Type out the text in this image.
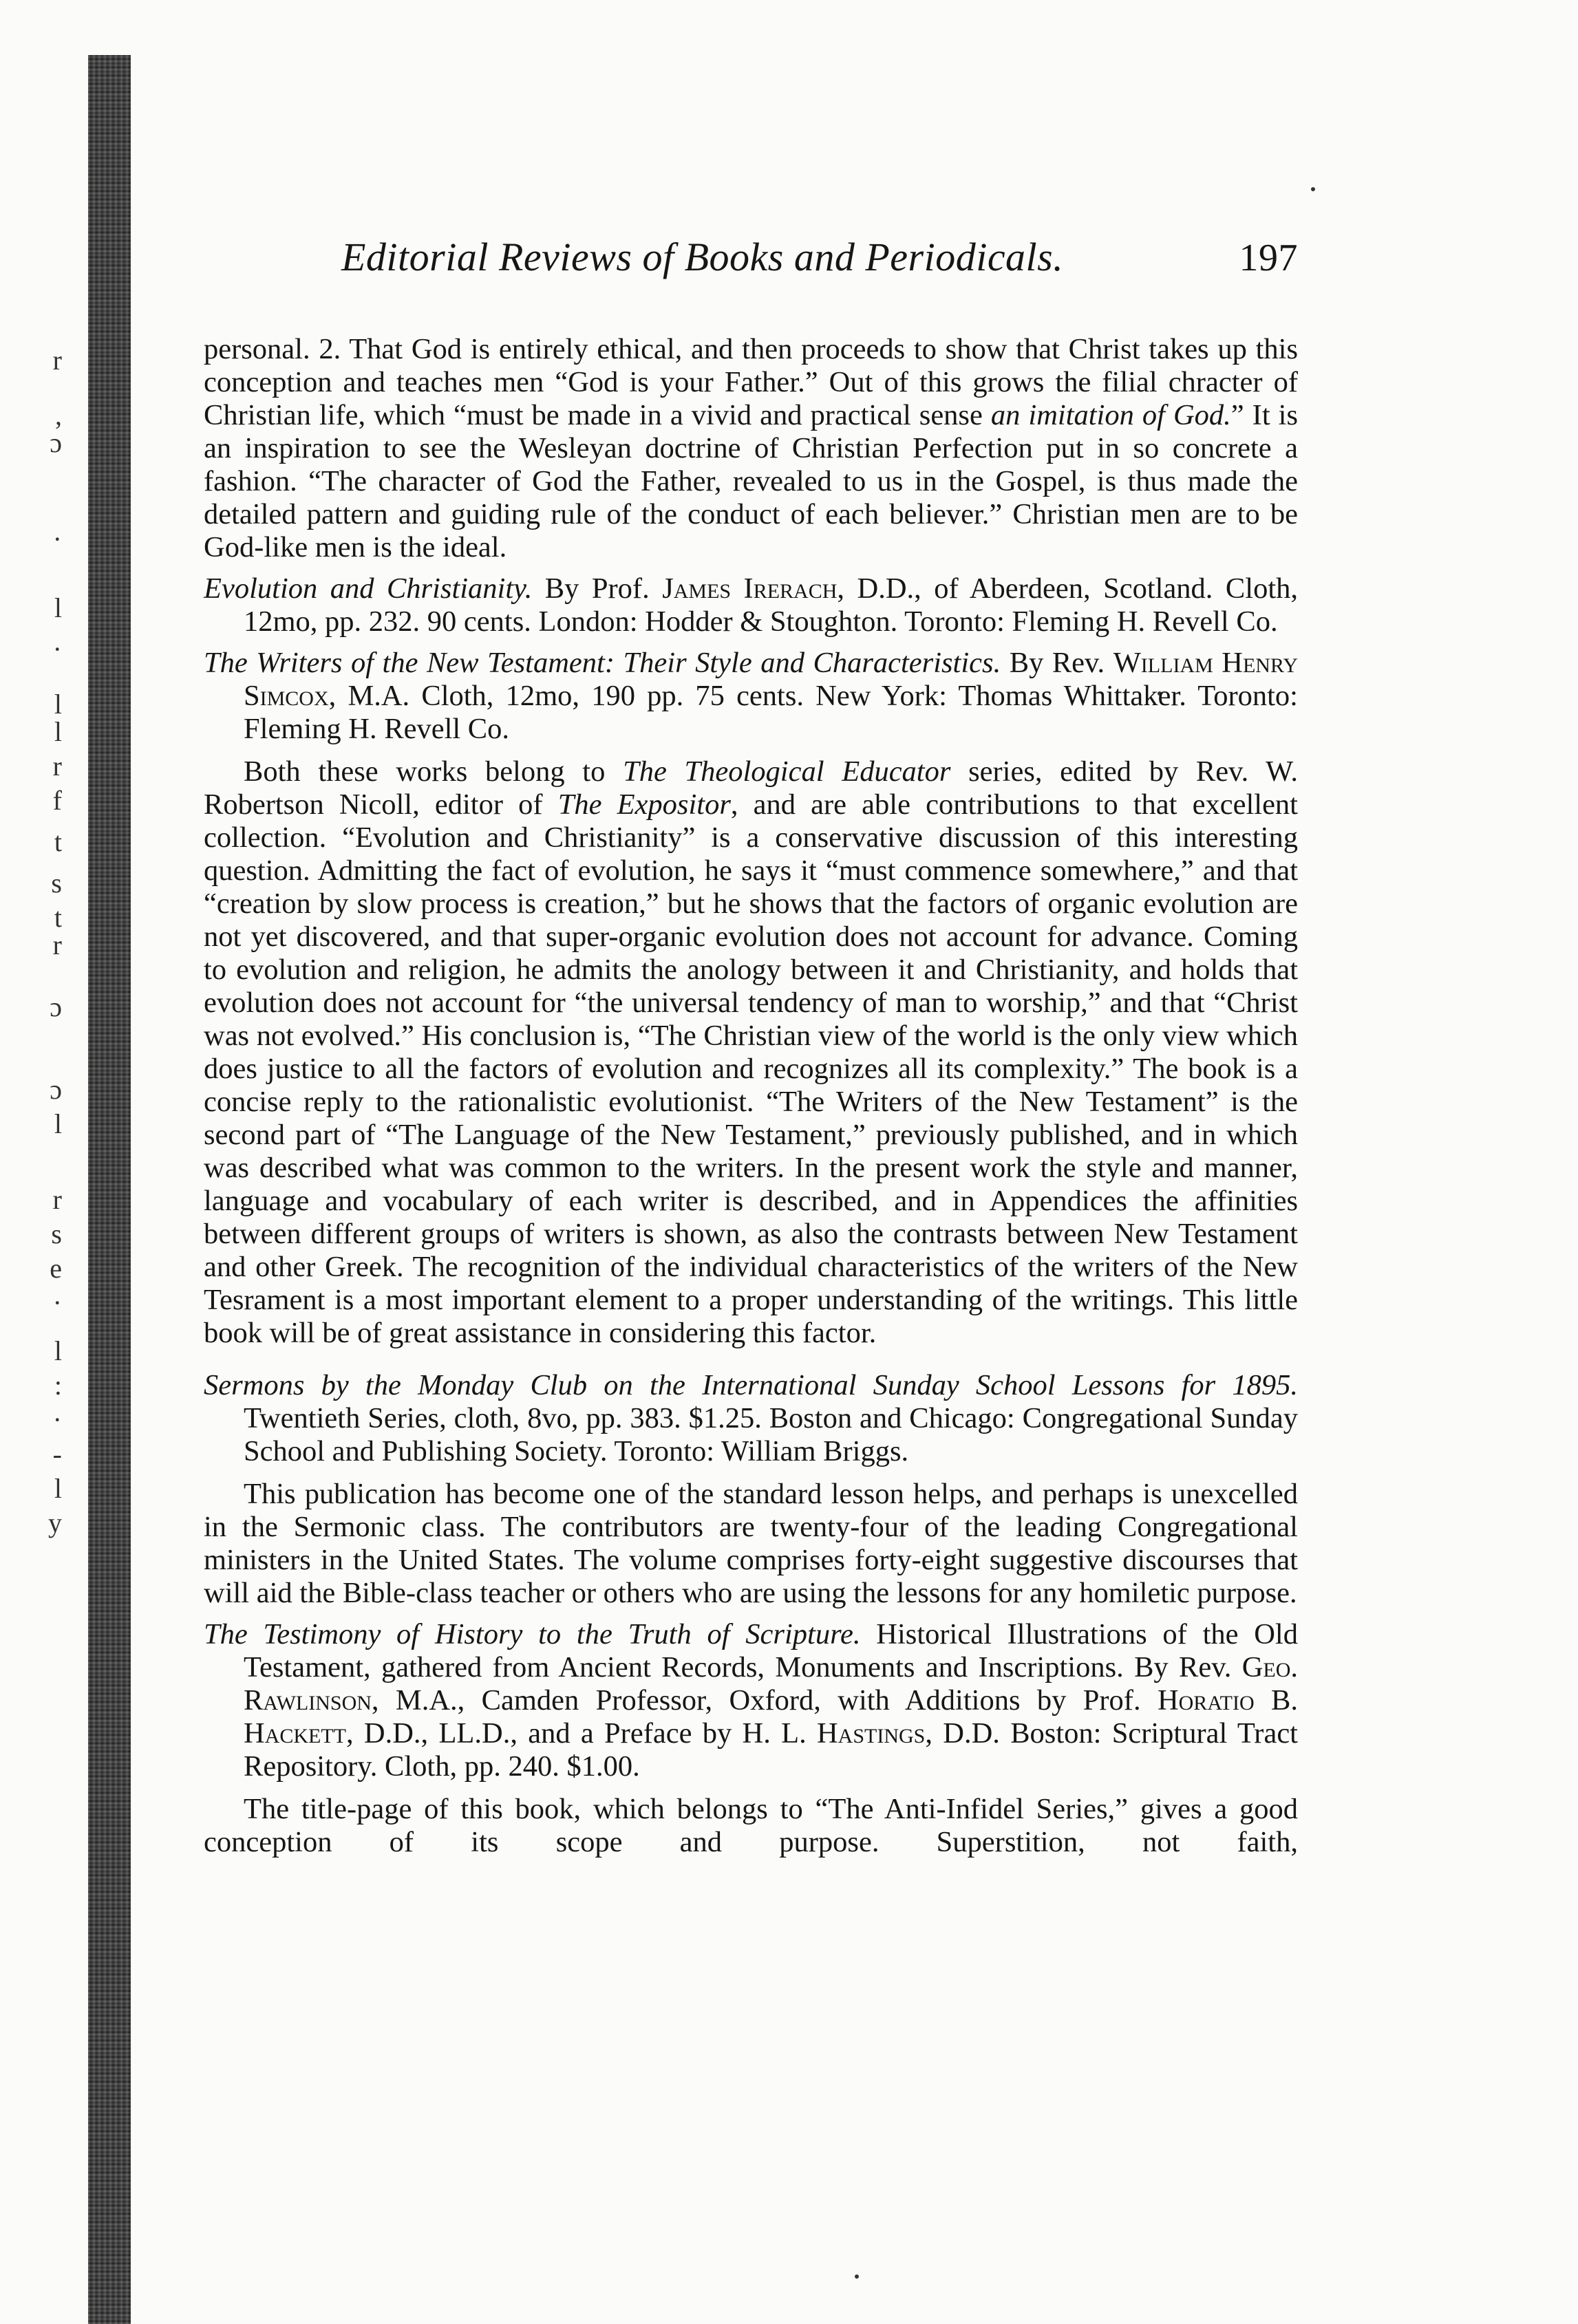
r
,
ɔ
·
l
·
l
l
r
f
t
s
t
r
ɔ
ɔ
l
r
s
e
·
l
:
·
-
l
y
Editorial Reviews of Books and Periodicals.	197

personal. 2. That God is entirely ethical, and then proceeds to show that Christ takes up this conception and teaches men “God is your Father.” Out of this grows the filial chracter of Christian life, which “must be made in a vivid and practical sense an imitation of God.” It is an inspiration to see the Wesleyan doctrine of Christian Perfection put in so concrete a fashion. “The character of God the Father, revealed to us in the Gospel, is thus made the detailed pattern and guiding rule of the conduct of each believer.” Christian men are to be God-like men is the ideal.

Evolution and Christianity. By Prof. James Irerach, D.D., of Aberdeen, Scotland. Cloth, 12mo, pp. 232. 90 cents. London: Hodder & Stoughton. Toronto: Fleming H. Revell Co.

The Writers of the New Testament: Their Style and Characteristics. By Rev. William Henry Simcox, M.A. Cloth, 12mo, 190 pp. 75 cents. New York: Thomas Whittaker. Toronto: Fleming H. Revell Co.

Both these works belong to The Theological Educator series, edited by Rev. W. Robertson Nicoll, editor of The Expositor, and are able contributions to that excellent collection. “Evolution and Christianity” is a conservative discussion of this interesting question. Admitting the fact of evolution, he says it “must commence somewhere,” and that “creation by slow process is creation,” but he shows that the factors of organic evolution are not yet discovered, and that super-organic evolution does not account for advance. Coming to evolution and religion, he admits the anology between it and Christianity, and holds that evolution does not account for “the universal tendency of man to worship,” and that “Christ was not evolved.” His conclusion is, “The Christian view of the world is the only view which does justice to all the factors of evolution and recognizes all its complexity.” The book is a concise reply to the rationalistic evolutionist. “The Writers of the New Testament” is the second part of “The Language of the New Testament,” previously published, and in which was described what was common to the writers. In the present work the style and manner, language and vocabulary of each writer is described, and in Appendices the affinities between different groups of writers is shown, as also the contrasts between New Testament and other Greek. The recognition of the individual characteristics of the writers of the New Tesrament is a most important element to a proper understanding of the writings. This little book will be of great assistance in considering this factor.

Sermons by the Monday Club on the International Sunday School Lessons for 1895. Twentieth Series, cloth, 8vo, pp. 383. $1.25. Boston and Chicago: Congregational Sunday School and Publishing Society. Toronto: William Briggs.

This publication has become one of the standard lesson helps, and perhaps is unexcelled in the Sermonic class. The contributors are twenty-four of the leading Congregational ministers in the United States. The volume comprises forty-eight suggestive discourses that will aid the Bible-class teacher or others who are using the lessons for any homiletic purpose.

The Testimony of History to the Truth of Scripture. Historical Illustrations of the Old Testament, gathered from Ancient Records, Monuments and Inscriptions. By Rev. Geo. Rawlinson, M.A., Camden Professor, Oxford, with Additions by Prof. Horatio B. Hackett, D.D., LL.D., and a Preface by H. L. Hastings, D.D. Boston: Scriptural Tract Repository. Cloth, pp. 240. $1.00.

The title-page of this book, which belongs to “The Anti-Infidel Series,” gives a good conception of its scope and purpose. Superstition, not faith,
